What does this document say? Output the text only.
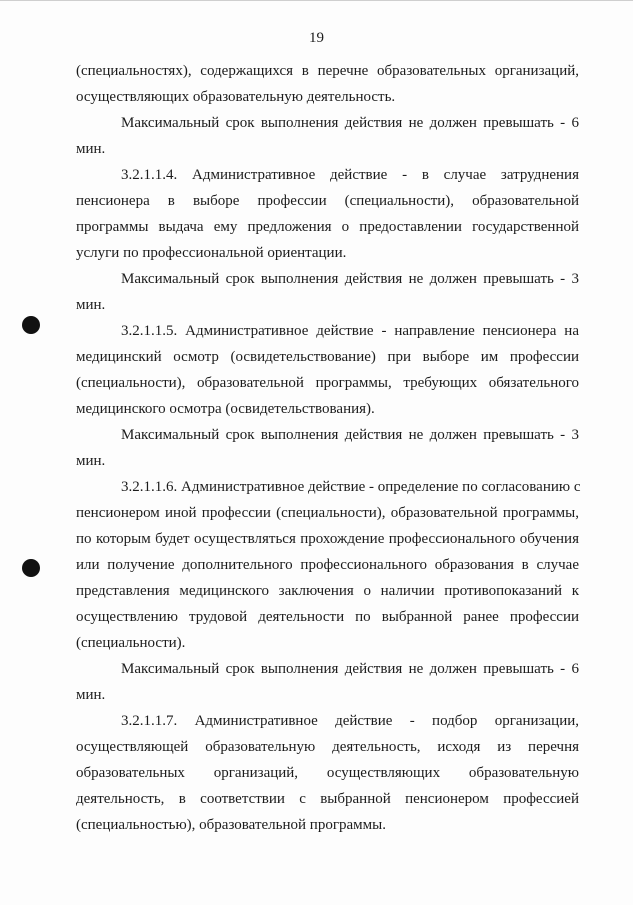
19
(специальностях), содержащихся в перечне образовательных организаций,
осуществляющих образовательную деятельность.
Максимальный срок выполнения действия не должен превышать - 6
мин.
3.2.1.1.4. Административное действие - в случае затруднения
пенсионера в выборе профессии (специальности), образовательной
программы выдача ему предложения о предоставлении государственной
услуги по профессиональной ориентации.
Максимальный срок выполнения действия не должен превышать - 3
мин.
3.2.1.1.5. Административное действие - направление пенсионера на
медицинский осмотр (освидетельствование) при выборе им профессии
(специальности), образовательной программы, требующих обязательного
медицинского осмотра (освидетельствования).
Максимальный срок выполнения действия не должен превышать - 3
мин.
3.2.1.1.6. Административное действие - определение по согласованию с
пенсионером иной профессии (специальности), образовательной программы,
по которым будет осуществляться прохождение профессионального обучения
или получение дополнительного профессионального образования в случае
представления медицинского заключения о наличии противопоказаний к
осуществлению трудовой деятельности по выбранной ранее профессии
(специальности).
Максимальный срок выполнения действия не должен превышать - 6
мин.
3.2.1.1.7. Административное действие - подбор организации,
осуществляющей образовательную деятельность, исходя из перечня
образовательных организаций, осуществляющих образовательную
деятельность, в соответствии с выбранной пенсионером профессией
(специальностью), образовательной программы.
